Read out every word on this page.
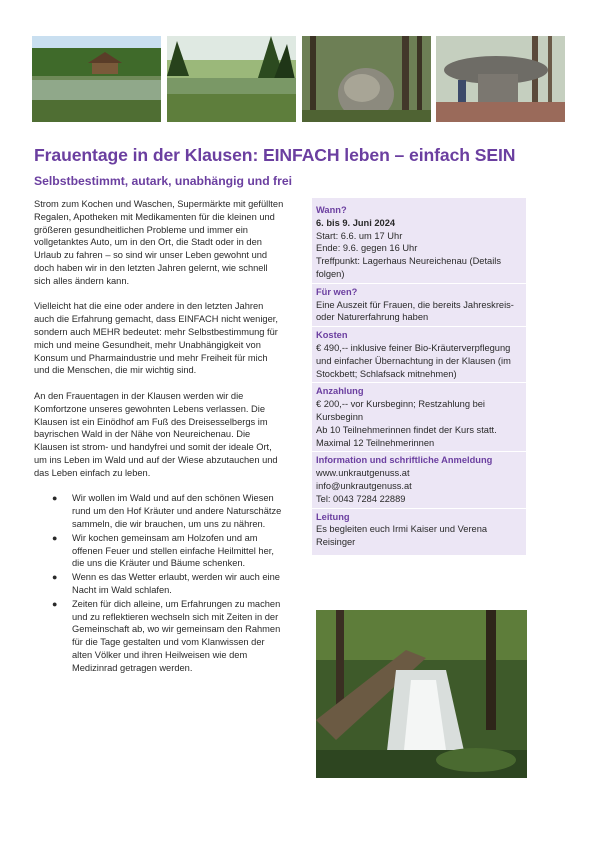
Frauentage in der Klausen: EINFACH leben – einfach SEIN
Selbstbestimmt, autark, unabhängig und frei

Strom zum Kochen und Waschen, Supermärkte mit gefüllten Regalen, Apotheken mit Medikamenten für die kleinen und größeren gesundheitlichen Probleme und immer ein vollgetanktes Auto, um in den Ort, die Stadt oder in den Urlaub zu fahren – so sind wir unser Leben gewohnt und doch haben wir in den letzten Jahren gelernt, wie schnell sich alles ändern kann.

Vielleicht hat die eine oder andere in den letzten Jahren auch die Erfahrung gemacht, dass EINFACH nicht weniger, sondern auch MEHR bedeutet: mehr Selbstbestimmung für mich und meine Gesundheit, mehr Unabhängigkeit von Konsum und Pharmaindustrie und mehr Freiheit für mich und die Menschen, die mir wichtig sind.

An den Frauentagen in der Klausen werden wir die Komfortzone unseres gewohnten Lebens verlassen. Die Klausen ist ein Einödhof am Fuß des Dreisesselbergs im bayrischen Wald in der Nähe von Neureichenau. Die Klausen ist strom- und handyfrei und somit der ideale Ort, um ins Leben im Wald und auf der Wiese abzutauchen und das Leben einfach zu leben.

● Wir wollen im Wald und auf den schönen Wiesen rund um den Hof Kräuter und andere Naturschätze sammeln, die wir brauchen, um uns zu nähren.
● Wir kochen gemeinsam am Holzofen und am offenen Feuer und stellen einfache Heilmittel her, die uns die Kräuter und Bäume schenken.
● Wenn es das Wetter erlaubt, werden wir auch eine Nacht im Wald schlafen.
● Zeiten für dich alleine, um Erfahrungen zu machen und zu reflektieren wechseln sich mit Zeiten in der Gemeinschaft ab, wo wir gemeinsam den Rahmen für die Tage gestalten und vom Klanwissen der alten Völker und ihren Heilweisen wie dem Medizinrad getragen werden.
Wann?
6. bis 9. Juni 2024
Start: 6.6. um 17 Uhr
Ende: 9.6. gegen 16 Uhr
Treffpunkt: Lagerhaus Neureichenau (Details folgen)
Für wen?
Eine Auszeit für Frauen, die bereits Jahreskreis- oder Naturerfahrung haben
Kosten
€ 490,-- inklusive feiner Bio-Kräuterverpflegung und einfacher Übernachtung in der Klausen (im Stockbett; Schlafsack mitnehmen)
Anzahlung
€ 200,-- vor Kursbeginn; Restzahlung bei Kursbeginn
Ab 10 Teilnehmerinnen findet der Kurs statt.
Maximal 12 Teilnehmerinnen
Information und schriftliche Anmeldung
www.unkrautgenuss.at
info@unkrautgenuss.at
Tel: 0043 7284 22889
Leitung
Es begleiten euch Irmi Kaiser und Verena Reisinger
